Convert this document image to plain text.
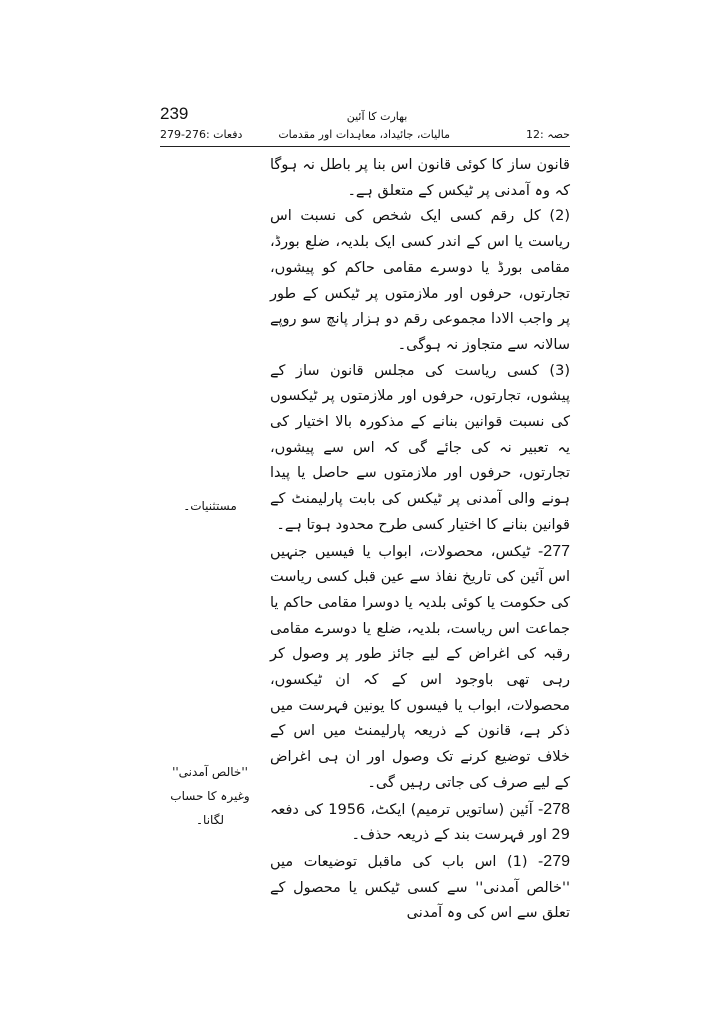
239	بھارت کا آئین
دفعات :276-279	مالیات، جائیداد، معاہدات اور مقدمات	حصہ :12

قانون ساز کا کوئی قانون اس بنا پر باطل نہ ہوگا کہ وہ آمدنی پر ٹیکس کے متعلق ہے۔

(2) کل رقم کسی ایک شخص کی نسبت اس ریاست یا اس کے اندر کسی ایک بلدیہ، ضلع بورڈ، مقامی بورڈ یا دوسرے مقامی حاکم کو پیشوں، تجارتوں، حرفوں اور ملازمتوں پر ٹیکس کے طور پر واجب الادا مجموعی رقم دو ہزار پانچ سو روپے سالانہ سے متجاوز نہ ہوگی۔

(3) کسی ریاست کی مجلس قانون ساز کے پیشوں، تجارتوں، حرفوں اور ملازمتوں پر ٹیکسوں کی نسبت قوانین بنانے کے مذکورہ بالا اختیار کی یہ تعبیر نہ کی جائے گی کہ اس سے پیشوں، تجارتوں، حرفوں اور ملازمتوں سے حاصل یا پیدا ہونے والی آمدنی پر ٹیکس کی بابت پارلیمنٹ کے قوانین بنانے کا اختیار کسی طرح محدود ہوتا ہے۔

277- ٹیکس، محصولات، ابواب یا فیسیں جنہیں اس آئین کی تاریخ نفاذ سے عین قبل کسی ریاست کی حکومت یا کوئی بلدیہ یا دوسرا مقامی حاکم یا جماعت اس ریاست، بلدیہ، ضلع یا دوسرے مقامی رقبہ کی اغراض کے لیے جائز طور پر وصول کر رہی تھی باوجود اس کے کہ ان ٹیکسوں، محصولات، ابواب یا فیسوں کا یونین فہرست میں ذکر ہے، قانون کے ذریعہ پارلیمنٹ میں اس کے خلاف توضیع کرنے تک وصول اور ان ہی اغراض کے لیے صرف کی جاتی رہیں گی۔

278- آئین (ساتویں ترمیم) ایکٹ، 1956 کی دفعہ 29 اور فہرست بند کے ذریعہ حذف۔

279- (1) اس باب کی ماقبل توضیعات میں ''خالص آمدنی'' سے کسی ٹیکس یا محصول کے تعلق سے اس کی وہ آمدنی

مستثنیات۔
''خالص آمدنی''
وغیرہ کا حساب لگانا۔
